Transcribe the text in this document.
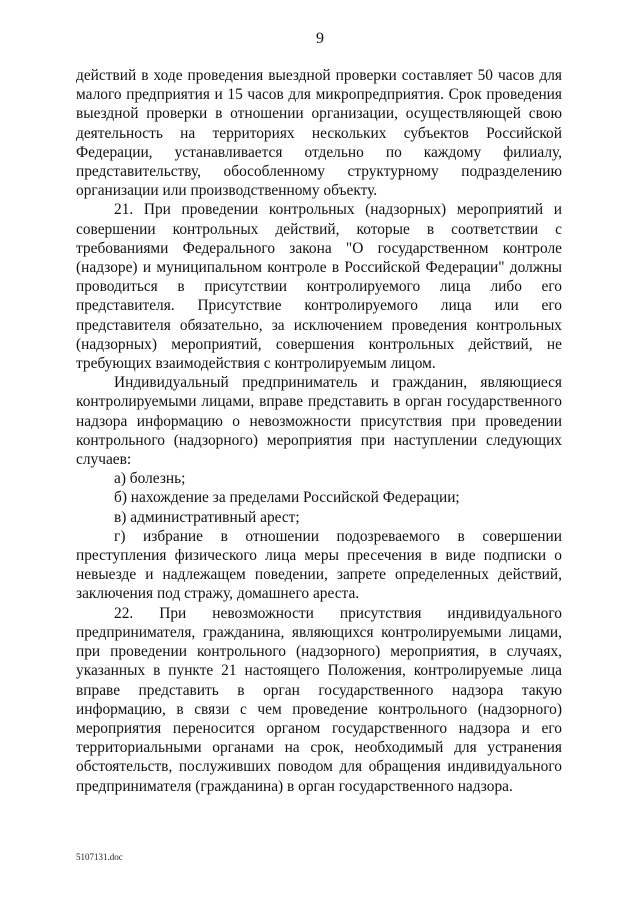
9

действий в ходе проведения выездной проверки составляет 50 часов для малого предприятия и 15 часов для микропредприятия. Срок проведения выездной проверки в отношении организации, осуществляющей свою деятельность на территориях нескольких субъектов Российской Федерации, устанавливается отдельно по каждому филиалу, представительству, обособленному структурному подразделению организации или производственному объекту.

21. При проведении контрольных (надзорных) мероприятий и совершении контрольных действий, которые в соответствии с требованиями Федерального закона "О государственном контроле (надзоре) и муниципальном контроле в Российской Федерации" должны проводиться в присутствии контролируемого лица либо его представителя. Присутствие контролируемого лица или его представителя обязательно, за исключением проведения контрольных (надзорных) мероприятий, совершения контрольных действий, не требующих взаимодействия с контролируемым лицом.

Индивидуальный предприниматель и гражданин, являющиеся контролируемыми лицами, вправе представить в орган государственного надзора информацию о невозможности присутствия при проведении контрольного (надзорного) мероприятия при наступлении следующих случаев:

а) болезнь;

б) нахождение за пределами Российской Федерации;

в) административный арест;

г) избрание в отношении подозреваемого в совершении преступления физического лица меры пресечения в виде подписки о невыезде и надлежащем поведении, запрете определенных действий, заключения под стражу, домашнего ареста.

22. При невозможности присутствия индивидуального предпринимателя, гражданина, являющихся контролируемыми лицами, при проведении контрольного (надзорного) мероприятия, в случаях, указанных в пункте 21 настоящего Положения, контролируемые лица вправе представить в орган государственного надзора такую информацию, в связи с чем проведение контрольного (надзорного) мероприятия переносится органом государственного надзора и его территориальными органами на срок, необходимый для устранения обстоятельств, послуживших поводом для обращения индивидуального предпринимателя (гражданина) в орган государственного надзора.

5107131.doc
